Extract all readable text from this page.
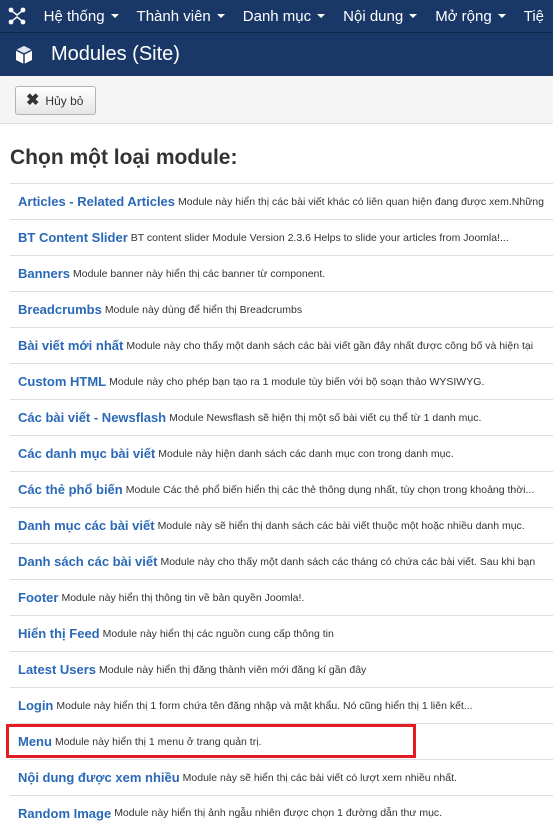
Hệ thống Thành viên Danh mục Nội dung Mở rộng Tiệ
Modules (Site)
✖ Hủy bỏ
Chọn một loại module:
Articles - Related Articles Module này hiển thị các bài viết khác có liên quan hiện đang được xem.Những
BT Content Slider BT content slider Module Version 2.3.6 Helps to slide your articles from Joomla!...
Banners Module banner này hiển thị các banner từ component.
Breadcrumbs Module này dùng để hiển thị Breadcrumbs
Bài viết mới nhất Module này cho thấy một danh sách các bài viết gần đây nhất được công bố và hiện tại
Custom HTML Module này cho phép bạn tạo ra 1 module tùy biến với bộ soạn thảo WYSIWYG.
Các bài viết - Newsflash Module Newsflash sẽ hiện thị một số bài viết cụ thể từ 1 danh mục.
Các danh mục bài viết Module này hiện danh sách các danh mục con trong danh mục.
Các thẻ phổ biến Module Các thẻ phổ biến hiển thị các thẻ thông dụng nhất, tùy chọn trong khoảng thời...
Danh mục các bài viết Module này sẽ hiển thị danh sách các bài viết thuộc một hoặc nhiều danh mục.
Danh sách các bài viết Module này cho thấy một danh sách các tháng có chứa các bài viết. Sau khi bạn
Footer Module này hiển thị thông tin về bản quyền Joomla!.
Hiển thị Feed Module này hiển thị các nguồn cung cấp thông tin
Latest Users Module này hiển thị đăng thành viên mới đăng kí gần đây
Login Module này hiển thị 1 form chứa tên đăng nhập và mật khẩu. Nó cũng hiển thị 1 liên kết...
Menu Module này hiển thị 1 menu ở trang quản trị.
Nội dung được xem nhiều Module này sẽ hiển thị các bài viết có lượt xem nhiều nhất.
Random Image Module này hiển thị ảnh ngẫu nhiên được chọn 1 đường dẫn thư mục.
